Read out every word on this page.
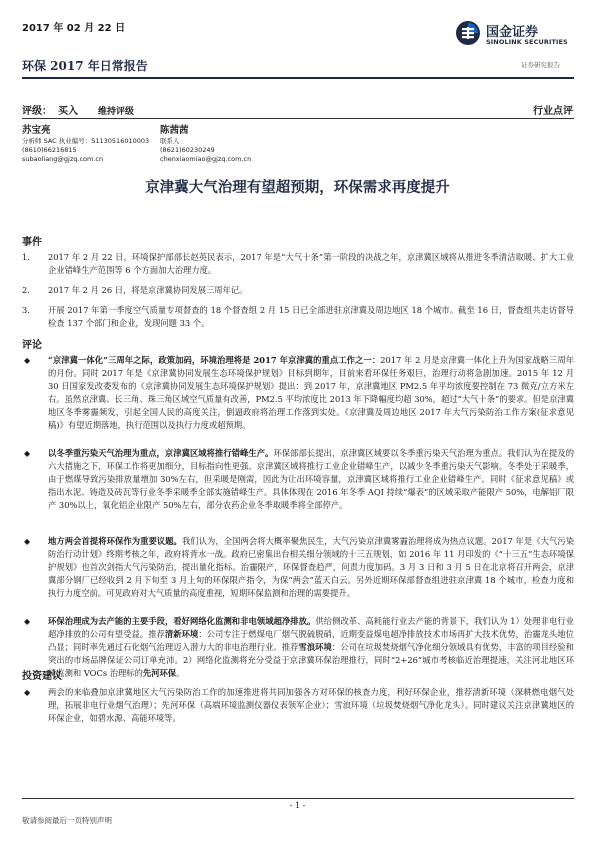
2017 年 02 月 22 日
环保 2017 年日常报告
国金证券
SINOLINK SECURITIES
证券研究报告
评级： 买入 维持评级	行业点评
苏宝亮
分析师 SAC 执业编号：S1130516010003
(8610)66216815
subaoliang@gjzq.com.cn
陈茜茜
联系人
(8621)60230249
chenxiaomiao@gjzq.com.cn
京津冀大气治理有望超预期，环保需求再度提升
事件
1. 2017 年 2 月 22 日，环境保护部部长赵英民表示，2017 年是“大气十条”第一阶段的决战之年，京津冀区域将从推进冬季清洁取暖、扩大工业企业错峰生产范围等 6 个方面加大治理力度。
2. 2017 年 2 月 26 日，将是京津冀协同发展三周年记。
3. 开展 2017 年第一季度空气质量专项督查的 18 个督查组 2 月 15 日已全部进驻京津冀及周边地区 18 个城市。截至 16 日，督查组共走访督导检查 137 个部门和企业，发现问题 33 个。
评论
◆ “京津冀一体化”三周年之际，政策加码，环境治理将是 2017 年京津冀的重点工作之一：2017 年 2 月是京津冀一体化上升为国家战略三周年的月份。同时 2017 年是《京津冀协同发展生态环境保护规划》目标到期年，目前来看环保任务艰巨，治理行动将急剧加速。2015 年 12 月 30 日国家发改委发布的《京津冀协同发展生态环境保护规划》提出：到 2017 年，京津冀地区 PM2.5 年平均浓度要控制在 73 微克/立方米左右。虽然京津冀、长三角、珠三角区域空气质量有改善，PM2.5 平均浓度比 2013 年下降幅度均超 30%，超过“大气十条”的要求。但是京津冀地区冬季雾霾频发，引起全国人民的高度关注，倒逼政府将治理工作落到实处。《京津冀及周边地区 2017 年大气污染防治工作方案(征求意见稿)》有望近期落地，执行范围以及执行力度或超预期。
◆ 以冬季重污染天气治理为重点，京津冀区域将推行错峰生产。环保部部长提出，京津冀区域要以冬季重污染天气治理为重点。我们认为在提及的六大措施之下，环保工作将更加细分，目标指向性更强。京津冀区域将推行工业企业错峰生产，以减少冬季重污染天气影响。冬季处于采暖季，由于燃煤导致污染排放量增加 30%左右，但采暖是刚需，因此为让出环境容量，京津冀区域将推行工业企业错峰生产。同时《征求意见稿》或指出水泥、铸造及砖瓦等行业冬季采暖季全部实施错峰生产。具体体现在 2016 年冬季 AQI 持续“爆表”的区域采取产能限产 50%，电解铝厂限产 30%以上，氧化铝企业限产 50%左右，部分农药企业冬季取暖季将全部停产。
◆ 地方两会首提将环保作为重要议题。我们认为，全国两会将大概率聚焦民生，大气污染京津冀雾霾治理将成为热点议题。2017 年是《大气污染防治行动计划》终期考核之年，政府将背水一战。政府已密集出台相关细分领域的十三五规划，如 2016 年 11 月印发的《“十三五”生态环境保护规划》也首次剑指大气污染防治，提出量化指标。治霾限产，环保督查趋严，问责力度加码。3 月 3 日和 3 月 5 日在北京将召开两会，京津冀部分钢厂已经收到 2 月下旬至 3 月上旬的环保限产指令，为保“两会”蓝天白云。另外近期环保部督查组进驻京津冀 18 个城市，检查力度和执行力度空前。可见政府对大气质量的高度重视，短期环保监测和治理的需要提升。
◆ 环保治理成为去产能的主要手段，看好网络化监测和非电领域超净排放。供给侧改革、高耗能行业去产能的背景下，我们认为 1）处理非电行业超净排放的公司有望受益。推荐清新环境：公司专注于燃煤电厂烟气脱硫脱硝，近期变益煤电超净排放技术市场再扩大技术优势，治霾龙头地位凸显；同时率先通过石化烟气治理迈入潜力大的非电治理行业。推荐雪浪环境：公司在垃圾焚烧烟气净化细分领域具有优势，丰富的项目经验和突出的市场品牌保证公司订单充沛。2）网络化监测将充分受益于京津冀环保治理推行，同时“2+26”城市考核临近治理提速，关注河北地区环境监测和 VOCs 治理标的先河环保。
投资建议
◆ 两会的来临叠加京津冀地区大气污染防治工作的加速推进将共同加强各方对环保的核查力度，利好环保企业，推荐清新环境（深耕燃电烟气处理，拓展非电行业烟气治理）；先河环保（高端环境监测仪器仪表领军企业）；雪浪环境（垃圾焚烧烟气净化龙头）。同时建议关注京津冀地区的环保企业，如碧水源、高能环境等。
- 1 -
敬请参阅最后一页特别声明
